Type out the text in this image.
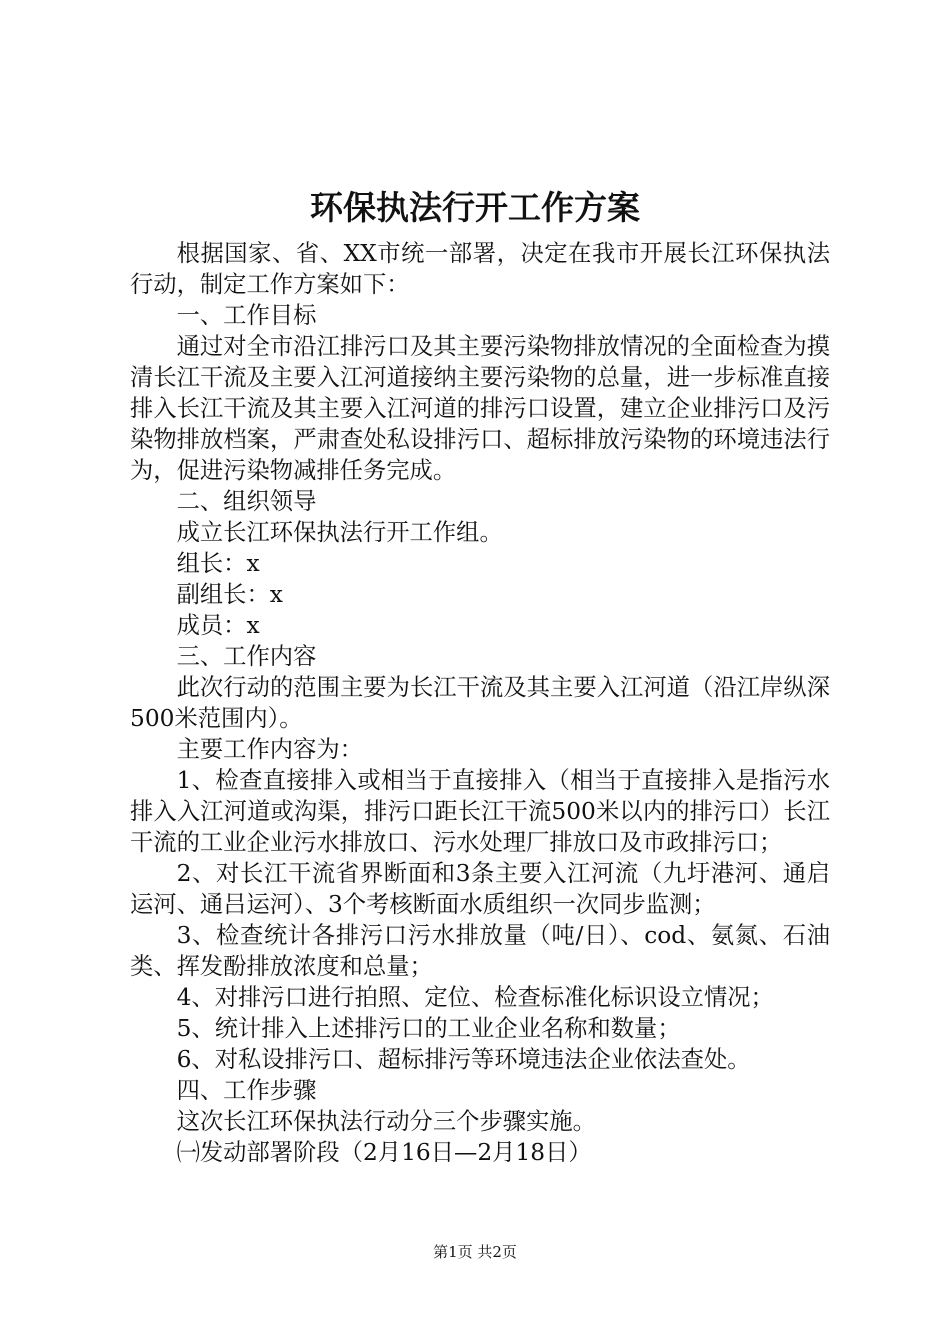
环保执法行开工作方案

根据国家、省、XX市统一部署，决定在我市开展长江环保执法行动，制定工作方案如下：

一、工作目标

通过对全市沿江排污口及其主要污染物排放情况的全面检查为摸清长江干流及主要入江河道接纳主要污染物的总量，进一步标准直接排入长江干流及其主要入江河道的排污口设置，建立企业排污口及污染物排放档案，严肃查处私设排污口、超标排放污染物的环境违法行为，促进污染物减排任务完成。

二、组织领导

成立长江环保执法行开工作组。

组长：x

副组长：x

成员：x

三、工作内容

此次行动的范围主要为长江干流及其主要入江河道（沿江岸纵深500米范围内）。

主要工作内容为：

1、检查直接排入或相当于直接排入（相当于直接排入是指污水排入入江河道或沟渠，排污口距长江干流500米以内的排污口）长江干流的工业企业污水排放口、污水处理厂排放口及市政排污口；

2、对长江干流省界断面和3条主要入江河流（九圩港河、通启运河、通吕运河）、3个考核断面水质组织一次同步监测；

3、检查统计各排污口污水排放量（吨/日）、cod、氨氮、石油类、挥发酚排放浓度和总量；

4、对排污口进行拍照、定位、检查标准化标识设立情况；

5、统计排入上述排污口的工业企业名称和数量；

6、对私设排污口、超标排污等环境违法企业依法查处。

四、工作步骤

这次长江环保执法行动分三个步骤实施。

㈠发动部署阶段（2月16日—2月18日）

第1页 共2页
